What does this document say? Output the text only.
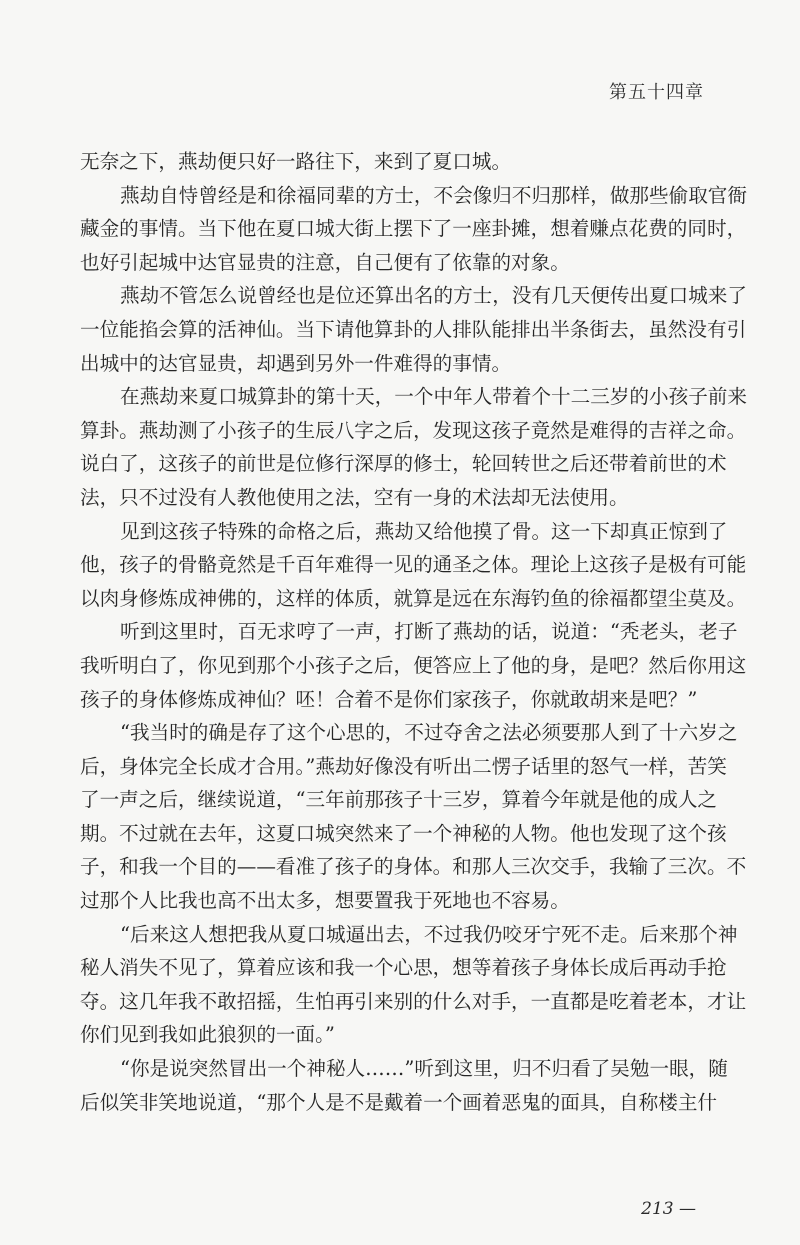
第五十四章
无奈之下，燕劫便只好一路往下，来到了夏口城。
燕劫自恃曾经是和徐福同辈的方士，不会像归不归那样，做那些偷取官衙
藏金的事情。当下他在夏口城大街上摆下了一座卦摊，想着赚点花费的同时，
也好引起城中达官显贵的注意，自己便有了依靠的对象。
燕劫不管怎么说曾经也是位还算出名的方士，没有几天便传出夏口城来了
一位能掐会算的活神仙。当下请他算卦的人排队能排出半条街去，虽然没有引
出城中的达官显贵，却遇到另外一件难得的事情。
在燕劫来夏口城算卦的第十天，一个中年人带着个十二三岁的小孩子前来
算卦。燕劫测了小孩子的生辰八字之后，发现这孩子竟然是难得的吉祥之命。
说白了，这孩子的前世是位修行深厚的修士，轮回转世之后还带着前世的术
法，只不过没有人教他使用之法，空有一身的术法却无法使用。
见到这孩子特殊的命格之后，燕劫又给他摸了骨。这一下却真正惊到了
他，孩子的骨骼竟然是千百年难得一见的通圣之体。理论上这孩子是极有可能
以肉身修炼成神佛的，这样的体质，就算是远在东海钓鱼的徐福都望尘莫及。
听到这里时，百无求哼了一声，打断了燕劫的话，说道：“秃老头，老子
我听明白了，你见到那个小孩子之后，便答应上了他的身，是吧？然后你用这
孩子的身体修炼成神仙？呸！合着不是你们家孩子，你就敢胡来是吧？”
“我当时的确是存了这个心思的，不过夺舍之法必须要那人到了十六岁之
后，身体完全长成才合用。”燕劫好像没有听出二愣子话里的怒气一样，苦笑
了一声之后，继续说道，“三年前那孩子十三岁，算着今年就是他的成人之
期。不过就在去年，这夏口城突然来了一个神秘的人物。他也发现了这个孩
子，和我一个目的——看准了孩子的身体。和那人三次交手，我输了三次。不
过那个人比我也高不出太多，想要置我于死地也不容易。
“后来这人想把我从夏口城逼出去，不过我仍咬牙宁死不走。后来那个神
秘人消失不见了，算着应该和我一个心思，想等着孩子身体长成后再动手抢
夺。这几年我不敢招摇，生怕再引来别的什么对手，一直都是吃着老本，才让
你们见到我如此狼狈的一面。”
“你是说突然冒出一个神秘人……”听到这里，归不归看了吴勉一眼，随
后似笑非笑地说道，“那个人是不是戴着一个画着恶鬼的面具，自称楼主什
213 —
